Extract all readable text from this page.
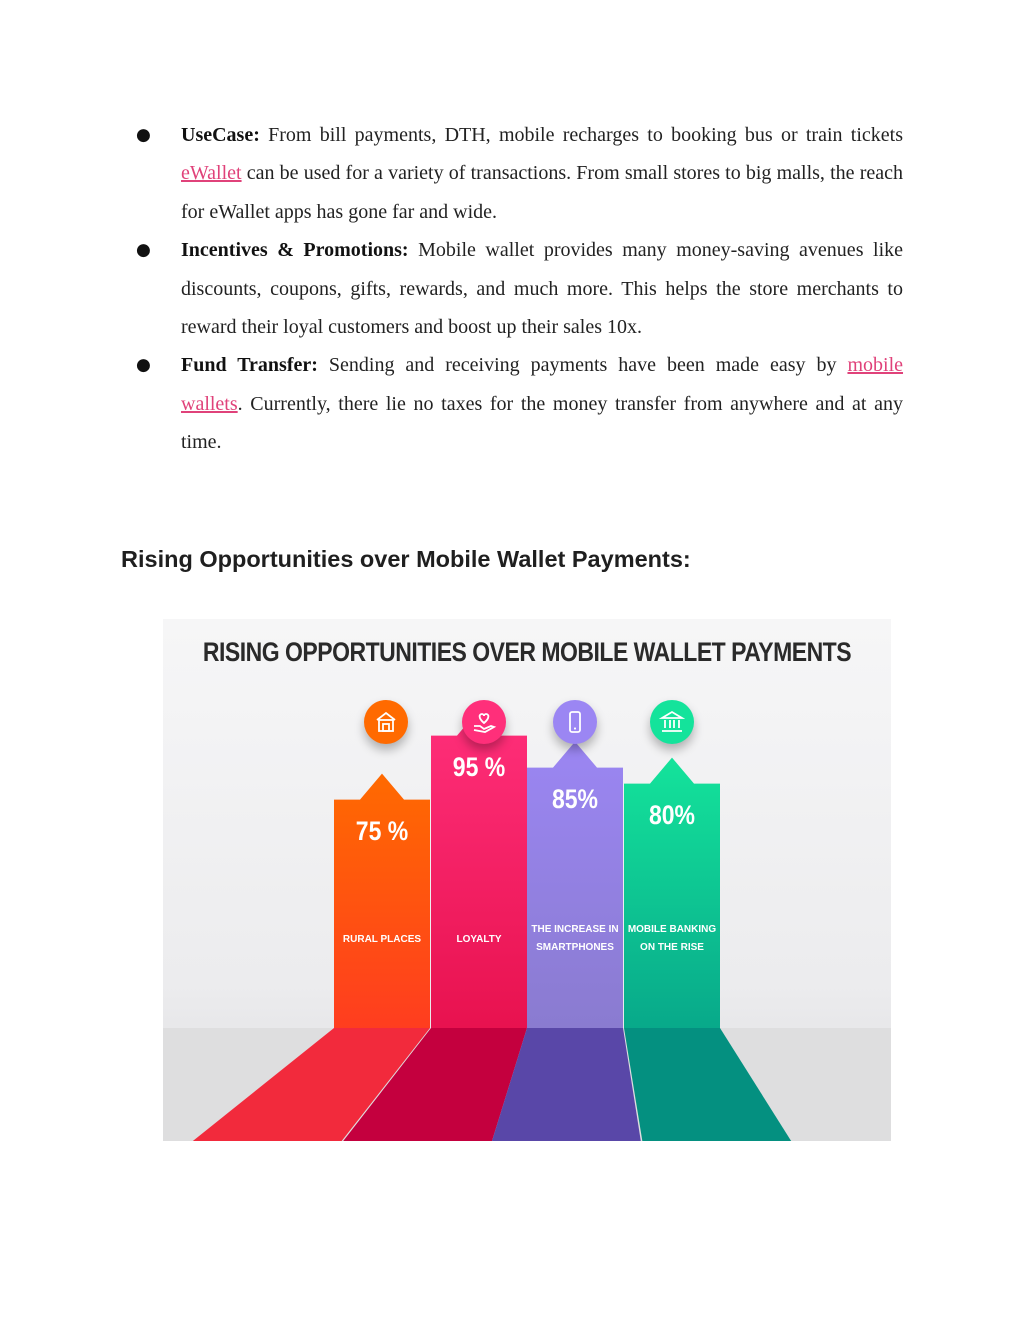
● UseCase: From bill payments, DTH, mobile recharges to booking bus or train tickets eWallet can be used for a variety of transactions. From small stores to big malls, the reach for eWallet apps has gone far and wide.
● Incentives & Promotions: Mobile wallet provides many money-saving avenues like discounts, coupons, gifts, rewards, and much more. This helps the store merchants to reward their loyal customers and boost up their sales 10x.
● Fund Transfer: Sending and receiving payments have been made easy by mobile wallets. Currently, there lie no taxes for the money transfer from anywhere and at any time.
Rising Opportunities over Mobile Wallet Payments:
RISING OPPORTUNITIES OVER MOBILE WALLET PAYMENTS
75 %
RURAL PLACES
95 %
LOYALTY
85%
THE INCREASE IN
SMARTPHONES
80%
MOBILE BANKING
ON THE RISE
